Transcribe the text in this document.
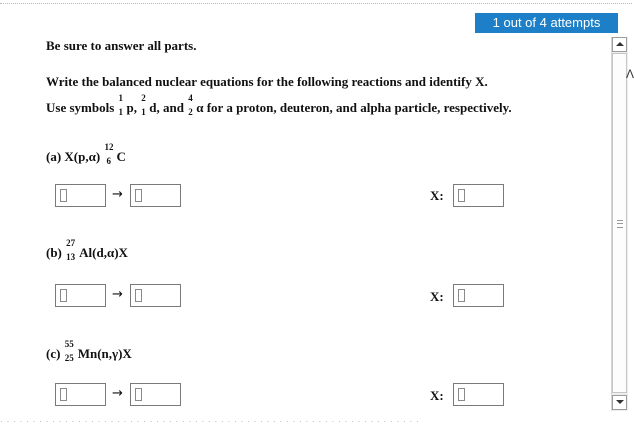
1 out of 4 attempts
Be sure to answer all parts.
Write the balanced nuclear equations for the following reactions and identify X.
Use symbols
1
1 p,
2
1 d, and
4
2 α for a proton, deuteron, and alpha particle, respectively.
(a) X(p,α)
12
6 C
→	X:
(b)
27
13 Al(d,α)X
→	X:
(c)
55
25 Mn(n,γ)X
→	X:
Λ
· · · · · · · · · · · · · · · · · · · · · · · · · · · · · · · · · · · · · · · · · · · · · · · · · · · · · · · · · · · · · · · · ·
